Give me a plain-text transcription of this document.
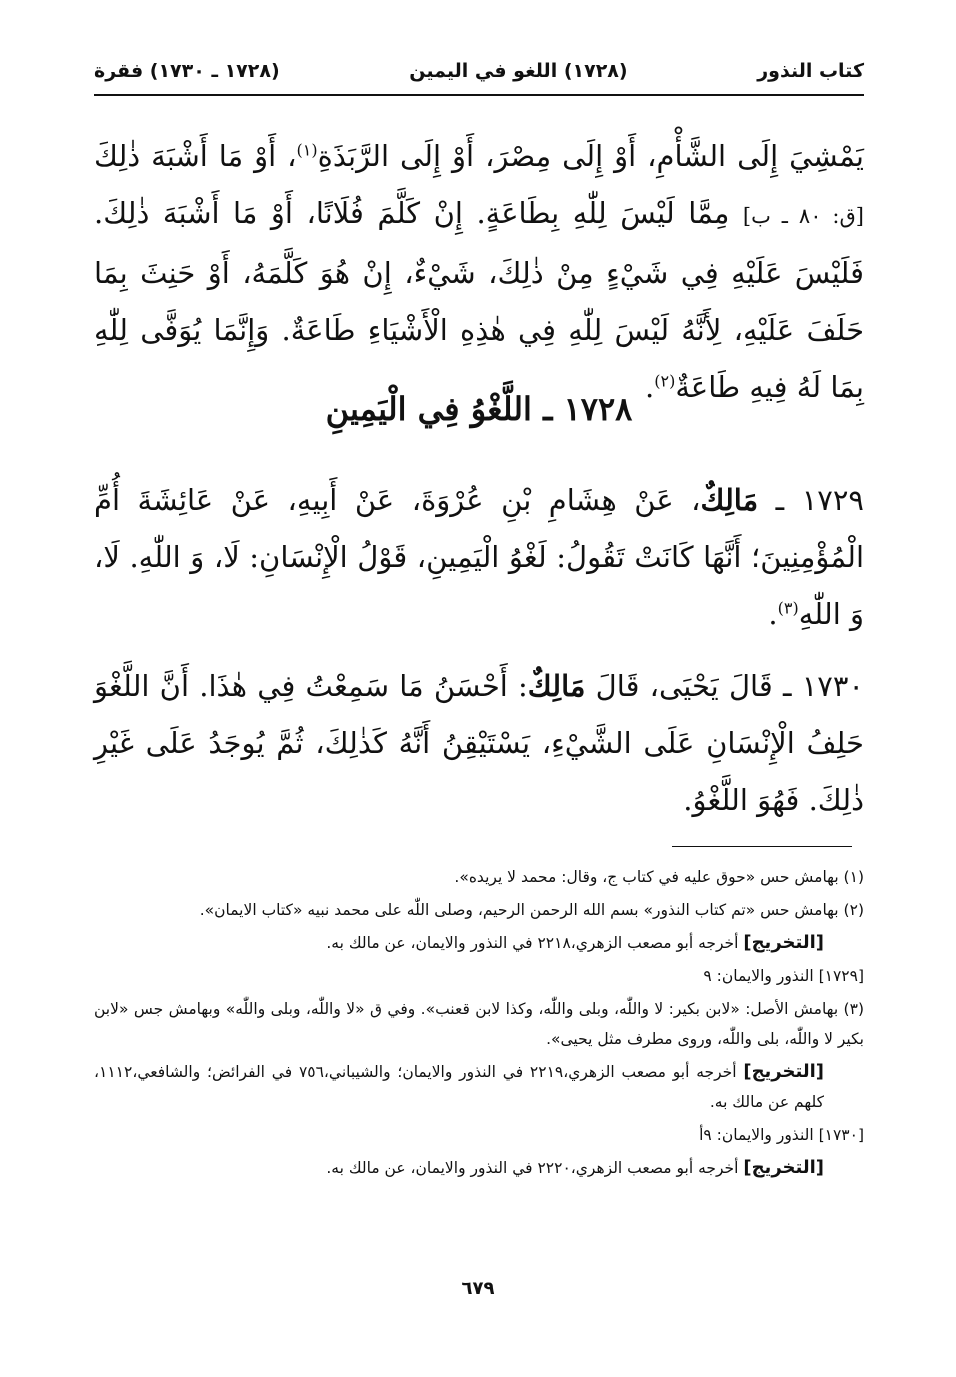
كتاب النذور
(١٧٢٨) اللغو في اليمين
(١٧٢٨ ـ ١٧٣٠) فقرة

يَمْشِيَ إِلَى الشَّأْمِ، أَوْ إِلَى مِصْرَ، أَوْ إِلَى الرَّبَذَةِ$^{(١)}$، أَوْ مَا أَشْبَهَ ذٰلِكَ [ق: ٨٠ ـ ب] مِمَّا لَيْسَ لِلّٰهِ بِطَاعَةٍ. إِنْ كَلَّمَ فُلَانًا، أَوْ مَا أَشْبَهَ ذٰلِكَ. فَلَيْسَ عَلَيْهِ فِي شَيْءٍ مِنْ ذٰلِكَ، شَيْءٌ، إِنْ هُوَ كَلَّمَهُ، أَوْ حَنِثَ بِمَا حَلَفَ عَلَيْهِ، لِأَنَّهُ لَيْسَ لِلّٰهِ فِي هٰذِهِ الْأَشْيَاءِ طَاعَةٌ. وَإِنَّمَا يُوَفَّى لِلّٰهِ بِمَا لَهُ فِيهِ طَاعَةٌ$^{(٢)}$.

١٧٢٨ ـ اللَّغْوُ فِي الْيَمِينِ

١٧٢٩ ـ مَالِكٌ، عَنْ هِشَامِ بْنِ عُرْوَةَ، عَنْ أَبِيهِ، عَنْ عَائِشَةَ أُمِّ الْمُؤْمِنِينَ؛ أَنَّهَا كَانَتْ تَقُولُ: لَغْوُ الْيَمِينِ، قَوْلُ الْإِنْسَانِ: لَا، وَ اللّٰهِ. لَا، وَ اللّٰهِ$^{(٣)}$.

١٧٣٠ ـ قَالَ يَحْيَى، قَالَ مَالِكٌ: أَحْسَنُ مَا سَمِعْتُ فِي هٰذَا. أَنَّ اللَّغْوَ حَلِفُ الْإِنْسَانِ عَلَى الشَّيْءِ، يَسْتَيْقِنُ أَنَّهُ كَذٰلِكَ، ثُمَّ يُوجَدُ عَلَى غَيْرِ ذٰلِكَ. فَهُوَ اللَّغْوُ.

(١) بهامش حس «حوق عليه في كتاب ج، وقال: محمد لا يريده».

(٢) بهامش حس «تم كتاب النذور» بسم الله الرحمن الرحيم، وصلى اللّٰه على محمد نبيه «كتاب الايمان».

[التخريج] أخرجه أبو مصعب الزهري،٢٢١٨ في النذور والايمان، عن مالك به.

[١٧٢٩] النذور والايمان: ٩

(٣) بهامش الأصل: «لابن بكير: لا واللّٰه، وبلى واللّٰه، وكذا لابن قعنب». وفي ق «لا واللّٰه، وبلى واللّٰه» وبهامش جس «لابن بكير لا واللّٰه، بلى واللّٰه، وروى مطرف مثل يحيى».

[التخريج] أخرجه أبو مصعب الزهري،٢٢١٩ في النذور والايمان؛ والشيباني،٧٥٦ في الفرائض؛ والشافعي،١١١٢، كلهم عن مالك به.

[١٧٣٠] النذور والايمان: ٩أ

[التخريج] أخرجه أبو مصعب الزهري،٢٢٢٠ في النذور والايمان، عن مالك به.

٦٧٩
